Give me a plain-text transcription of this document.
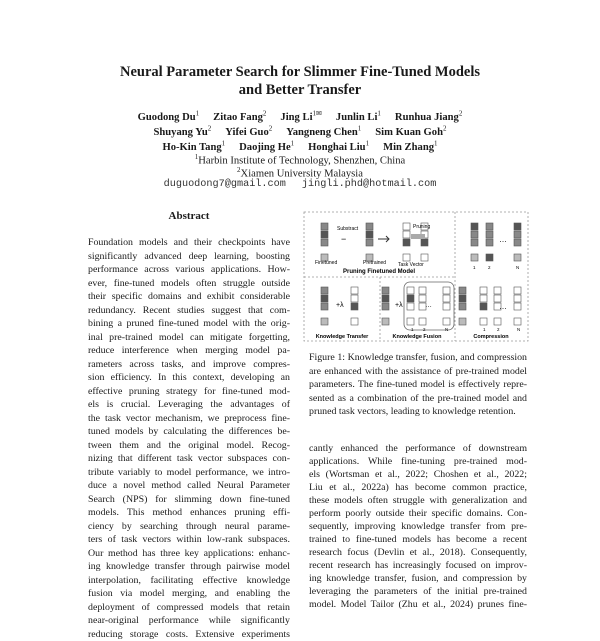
Neural Parameter Search for Slimmer Fine-Tuned Models
and Better Transfer
Guodong Du$^1$ Zitao Fang$^2$ Jing $Li^{1✉}$ Junlin Li$^1$ Runhua Jiang$^2$
Shuyang Yu$^2$ Yifei Guo$^2$ Yangneng Chen$^1$ Sim Kuan Goh$^2$
Ho-Kin Tang$^1$ Daojing He$^1$ Honghai Liu$^1$ Min Zhang$^1$
$^1$Harbin Institute of Technology, Shenzhen, China
$^2$Xiamen University Malaysia
duguodong7@gmail.com jingli.phd@hotmail.com
Abstract
Foundation models and their checkpoints have
significantly advanced deep learning, boosting
performance across various applications. How-
ever, fine-tuned models often struggle outside
their specific domains and exhibit considerable
redundancy. Recent studies suggest that com-
bining a pruned fine-tuned model with the orig-
inal pre-trained model can mitigate forgetting,
reduce interference when merging model pa-
rameters across tasks, and improve compres-
sion efficiency. In this context, developing an
effective pruning strategy for fine-tuned mod-
els is crucial. Leveraging the advantages of
the task vector mechanism, we preprocess fine-
tuned models by calculating the differences be-
tween them and the original model. Recog-
nizing that different task vector subspaces con-
tribute variably to model performance, we intro-
duce a novel method called Neural Parameter
Search (NPS) for slimming down fine-tuned
models. This method enhances pruning effi-
ciency by searching through neural parame-
ters of task vectors within low-rank subspaces.
Our method has three key applications: enhanc-
ing knowledge transfer through pairwise model
interpolation, facilitating effective knowledge
fusion via model merging, and enabling the
deployment of compressed models that retain
near-original performance while significantly
reducing storage costs. Extensive experiments
Finetuned	Pretrained Task Vector
Substract
−
Pruning
Pruning Finetuned Model
Knowledge Transfer	Knowledge Fusion	Compression
+λ	+λ	…
…
…
1 2	N
1	2	N
1	2	N
Figure 1: Knowledge transfer, fusion, and compression
are enhanced with the assistance of pre-trained model
parameters. The fine-tuned model is effectively repre-
sented as a combination of the pre-trained model and
pruned task vectors, leading to knowledge retention.
cantly enhanced the performance of downstream
applications. While fine-tuning pre-trained mod-
els (Wortsman et al., 2022; Choshen et al., 2022;
Liu et al., 2022a) has become common practice,
these models often struggle with generalization and
perform poorly outside their specific domains. Con-
sequently, improving knowledge transfer from pre-
trained to fine-tuned models has become a recent
research focus (Devlin et al., 2018). Consequently,
recent research has increasingly focused on improv-
ing knowledge transfer, fusion, and compression by
leveraging the parameters of the initial pre-trained
model. Model Tailor (Zhu et al., 2024) prunes fine-
